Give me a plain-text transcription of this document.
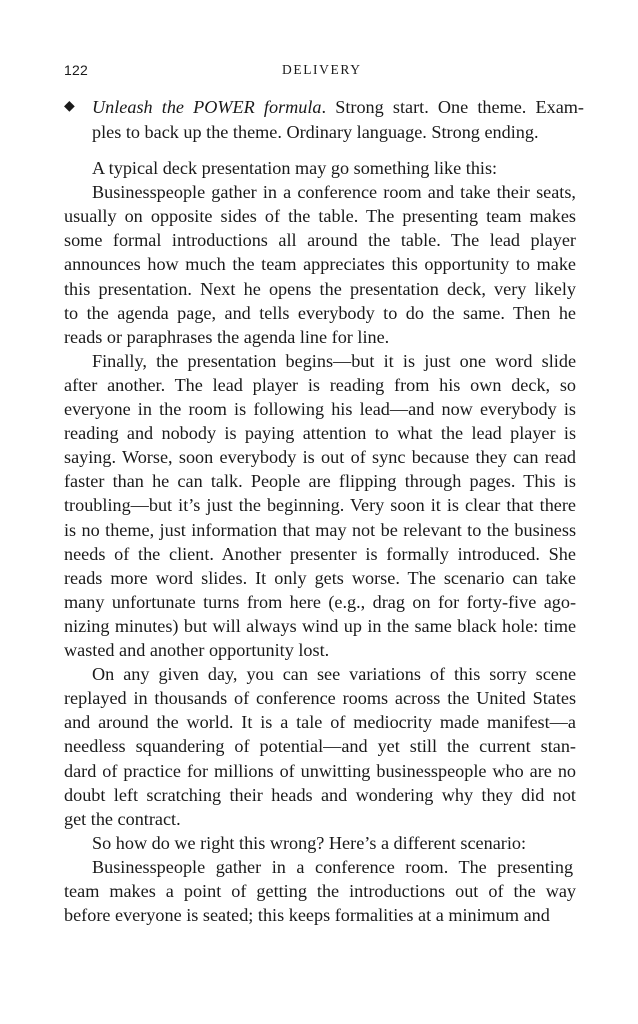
122	DELIVERY
◆ Unleash the POWER formula. Strong start. One theme. Exam-
ples to back up the theme. Ordinary language. Strong ending.
A typical deck presentation may go something like this:
Businesspeople gather in a conference room and take their seats,
usually on opposite sides of the table. The presenting team makes
some formal introductions all around the table. The lead player
announces how much the team appreciates this opportunity to make
this presentation. Next he opens the presentation deck, very likely
to the agenda page, and tells everybody to do the same. Then he
reads or paraphrases the agenda line for line.
Finally, the presentation begins—but it is just one word slide
after another. The lead player is reading from his own deck, so
everyone in the room is following his lead—and now everybody is
reading and nobody is paying attention to what the lead player is
saying. Worse, soon everybody is out of sync because they can read
faster than he can talk. People are flipping through pages. This is
troubling—but it’s just the beginning. Very soon it is clear that there
is no theme, just information that may not be relevant to the business
needs of the client. Another presenter is formally introduced. She
reads more word slides. It only gets worse. The scenario can take
many unfortunate turns from here (e.g., drag on for forty-five ago-
nizing minutes) but will always wind up in the same black hole: time
wasted and another opportunity lost.
On any given day, you can see variations of this sorry scene
replayed in thousands of conference rooms across the United States
and around the world. It is a tale of mediocrity made manifest—a
needless squandering of potential—and yet still the current stan-
dard of practice for millions of unwitting businesspeople who are no
doubt left scratching their heads and wondering why they did not
get the contract.
So how do we right this wrong? Here’s a different scenario:
Businesspeople gather in a conference room. The presenting
team makes a point of getting the introductions out of the way
before everyone is seated; this keeps formalities at a minimum and
